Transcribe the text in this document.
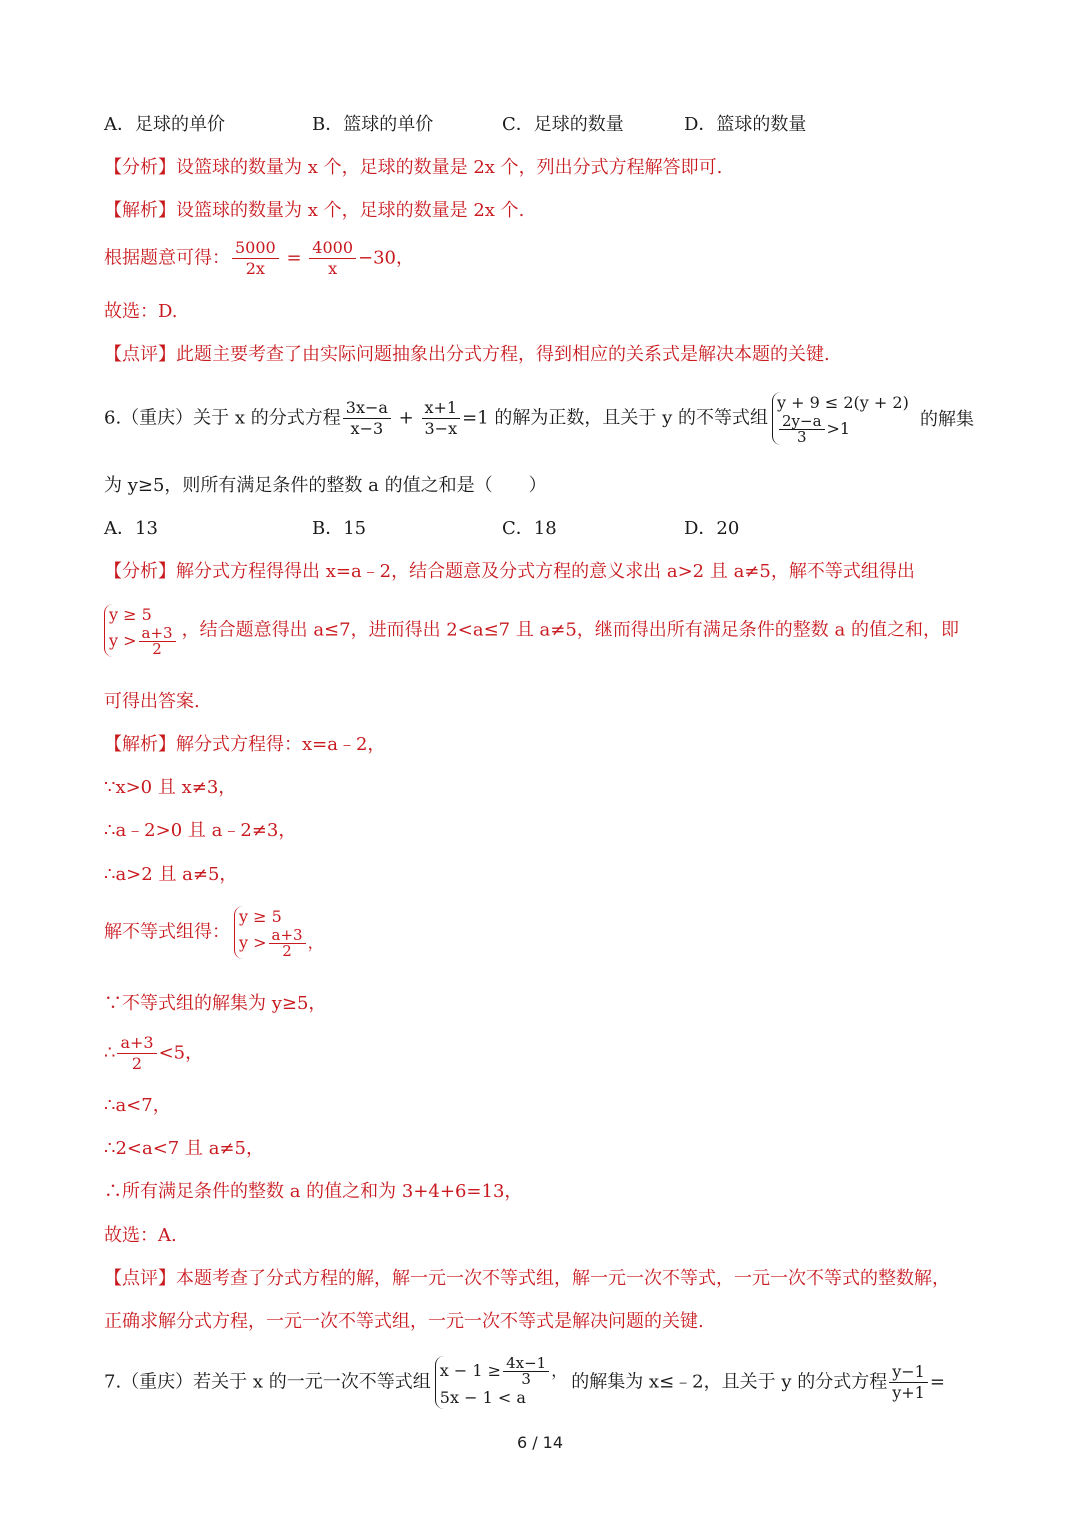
A．足球的单价	B．篮球的单价	C．足球的数量	D．篮球的数量
【分析】设篮球的数量为 x 个，足球的数量是 2x 个，列出分式方程解答即可.
【解析】设篮球的数量为 x 个，足球的数量是 2x 个.
根据题意可得： $\frac{5000}{2x} = \frac{4000}{x} -30$，
故选：D.
【点评】此题主要考查了由实际问题抽象出分式方程，得到相应的关系式是解决本题的关键.
6.（重庆）关于 x 的分式方程 $\frac{3x-a}{x-3} + \frac{x+1}{3-x} =1$ 的解为正数，且关于 y 的不等式组
y + 9 ≤ 2(y + 2)
$\frac{2y-a}{3} >1$	的解集
为 y≥5，则所有满足条件的整数 a 的值之和是（　　）
A．13	B．15	C．18	D．20
【分析】解分式方程得得出 x=a﹣2，结合题意及分式方程的意义求出 a>2 且 a≠5，解不等式组得出
y ≥ 5
$y > \frac{a+3}{2}$ ，结合题意得出 a≤7，进而得出 2<a≤7 且 a≠5，继而得出所有满足条件的整数 a 的值之和，即
可得出答案.
【解析】解分式方程得：x=a﹣2，
∵x>0 且 x≠3，
∴a﹣2>0 且 a﹣2≠3，
∴a>2 且 a≠5，
解不等式组得：
y ≥ 5
$y > \frac{a+3}{2}$ ，
∵不等式组的解集为 y≥5，
∴ $\frac{a+3}{2} <5$，
∴a<7，
∴2<a<7 且 a≠5，
∴所有满足条件的整数 a 的值之和为 3+4+6=13，
故选：A.
【点评】本题考查了分式方程的解，解一元一次不等式组，解一元一次不等式，一元一次不等式的整数解，
正确求解分式方程，一元一次不等式组，一元一次不等式是解决问题的关键.
7.（重庆）若关于 x 的一元一次不等式组
$x - 1 \ge \frac{4x-1}{3}$ ，
5x − 1 < a
的解集为 x≤﹣2，且关于 y 的分式方程 $\frac{y-1}{y+1}$ =
6 / 14
